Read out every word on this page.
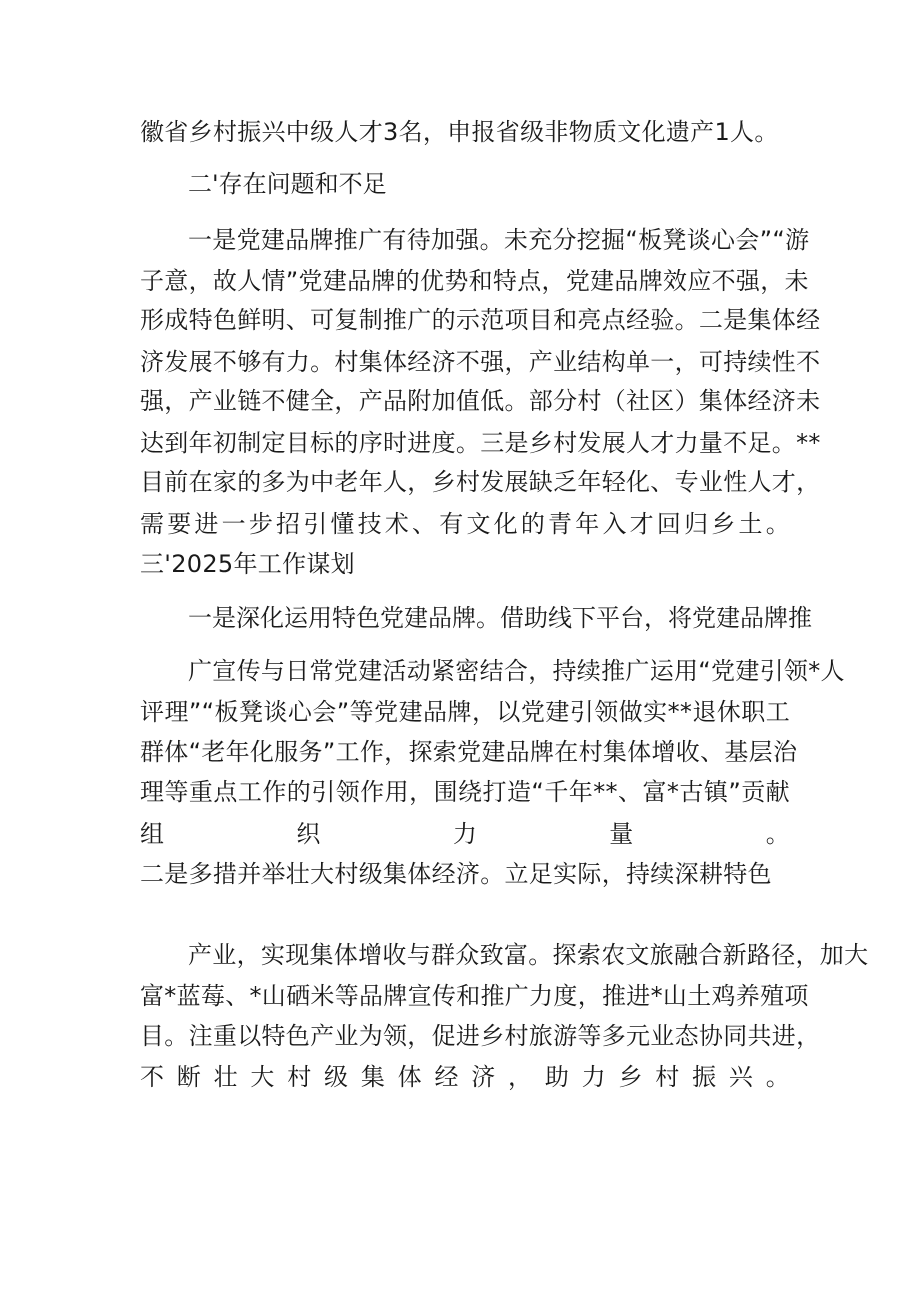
徽省乡村振兴中级人才3名，申报省级非物质文化遗产1人。
二'存在问题和不足
一是党建品牌推广有待加强。未充分挖掘“板凳谈心会”“游
子意，故人情”党建品牌的优势和特点，党建品牌效应不强，未
形成特色鲜明、可复制推广的示范项目和亮点经验。二是集体经
济发展不够有力。村集体经济不强，产业结构单一，可持续性不
强，产业链不健全，产品附加值低。部分村（社区）集体经济未
达到年初制定目标的序时进度。三是乡村发展人才力量不足。**
目前在家的多为中老年人，乡村发展缺乏年轻化、专业性人才，
需要进一步招引懂技术、有文化的青年入才回归乡土。
三'2025年工作谋划
一是深化运用特色党建品牌。借助线下平台，将党建品牌推
广宣传与日常党建活动紧密结合，持续推广运用“党建引领*人
评理”“板凳谈心会”等党建品牌，以党建引领做实**退休职工
群体“老年化服务”工作，探索党建品牌在村集体增收、基层治
理等重点工作的引领作用，围绕打造“千年**、富*古镇”贡献
组织力量。
二是多措并举壮大村级集体经济。立足实际，持续深耕特色
产业，实现集体增收与群众致富。探索农文旅融合新路径，加大
富*蓝莓、*山硒米等品牌宣传和推广力度，推进*山土鸡养殖项
目。注重以特色产业为领，促进乡村旅游等多元业态协同共进，
不断壮大村级集体经济，助力乡村振兴。
